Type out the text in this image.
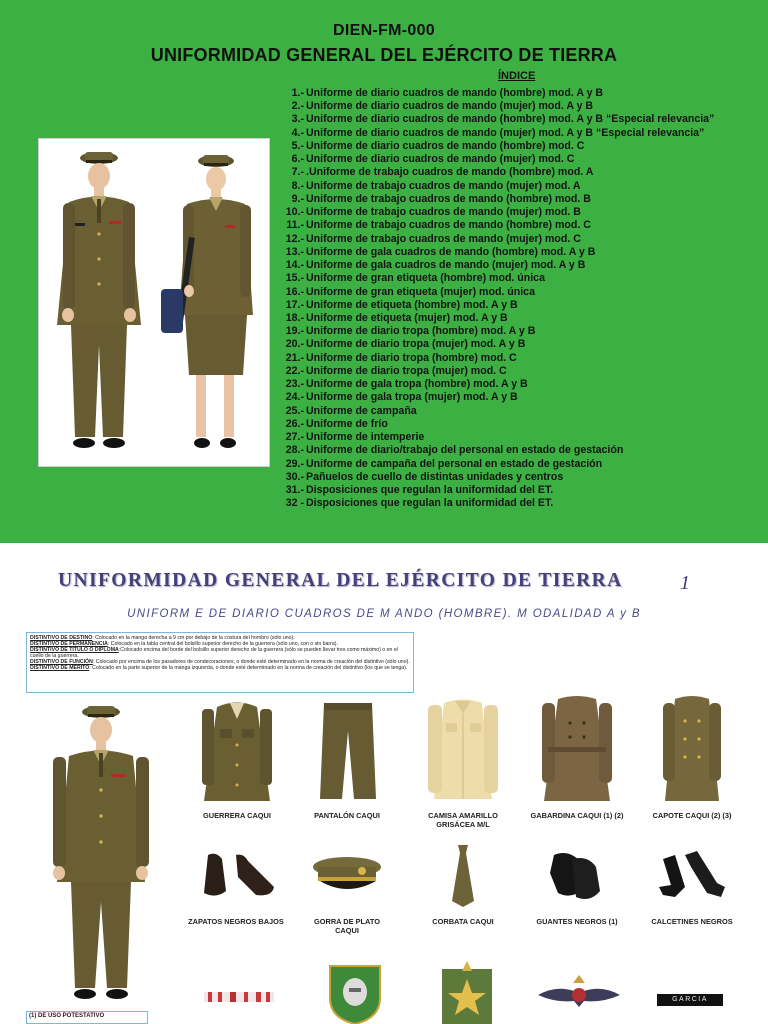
DIEN-FM-000
UNIFORMIDAD GENERAL DEL EJÉRCITO DE TIERRA
ÍNDICE
1.- Uniforme de diario cuadros de mando (hombre) mod. A y B
2.- Uniforme de diario cuadros de mando (mujer) mod. A y B
3.- Uniforme de diario cuadros de mando (hombre) mod. A y B “Especial relevancia”
4.- Uniforme de diario cuadros de mando (mujer) mod. A y B “Especial relevancia”
5.- Uniforme de diario cuadros de mando (hombre) mod. C
6.- Uniforme de diario cuadros de mando (mujer) mod. C
7.- .Uniforme de trabajo cuadros de mando (hombre) mod. A
8.- Uniforme de trabajo cuadros de mando (mujer) mod. A
9.- Uniforme de trabajo cuadros de mando (hombre) mod. B
10.- Uniforme de trabajo cuadros de mando (mujer) mod. B
11.- Uniforme de trabajo cuadros de mando (hombre) mod. C
12.- Uniforme de trabajo cuadros de mando (mujer) mod. C
13.- Uniforme de gala cuadros de mando (hombre) mod. A y B
14.- Uniforme de gala cuadros de mando (mujer) mod. A y B
15.- Uniforme de gran etiqueta (hombre) mod. única
16.- Uniforme de gran etiqueta (mujer) mod. única
17.- Uniforme de etiqueta (hombre) mod. A y B
18.- Uniforme de etiqueta (mujer) mod. A y B
19.- Uniforme de diario tropa (hombre) mod. A y B
20.- Uniforme de diario tropa (mujer) mod. A y B
21.- Uniforme de diario tropa (hombre) mod. C
22.- Uniforme de diario tropa (mujer) mod. C
23.- Uniforme de gala tropa (hombre) mod. A y B
24.- Uniforme de gala tropa (mujer) mod. A y B
25.- Uniforme de campaña
26.- Uniforme de frío
27.- Uniforme de intemperie
28.- Uniforme de diario/trabajo del personal en estado de gestación
29.- Uniforme de campaña del personal en estado de gestación
30.- Pañuelos de cuello de distintas unidades y centros
31.- Disposiciones que regulan la uniformidad del ET.
32 - Disposiciones que regulan la uniformidad del ET.
UNIFORMIDAD GENERAL DEL EJÉRCITO DE TIERRA	1
UNIFORM E DE DIARIO CUADROS DE M ANDO (HOMBRE). M ODALIDAD A y B

DISTINTIVO DE DESTINO: Colocado en la manga derecha a 9 cm por debajo de la costura del hombro (sólo uno).

DISTINTIVO DE PERMANENCIA: Colocado en la tabla central del bolsillo superior derecho de la guerrera (sólo uno, con o sin barra).

DISTINTIVO DE TÍTULO O DIPLOMA:Colocado encima del borde del bolsillo superior derecho de la guerrera (sólo se pueden llevar tres como máximo) o en el cuello de la guerrera.

DISTINTIVO DE FUNCIÓN: Colocado por encima de los pasadores de condecoraciones, o donde esté determinado en la norma de creación del distintivo (sólo uno).

DISTINTIVO DE MÉRITO: Colocado en la parte superior de la manga izquierda, o donde esté determinado en la norma de creación del distintivo (los que se tenga).

GUERRERA CAQUI	PANTALÓN CAQUI	CAMISA AMARILLO GRISÁCEA M/L
GABARDINA CAQUI (1) (2)	CAPOTE CAQUI (2) (3)
ZAPATOS NEGROS BAJOS	GORRA DE PLATO CAQUI
CORBATA CAQUI	GUANTES NEGROS (1)	CALCETINES NEGROS
GARCIA
(1) DE USO POTESTATIVO
